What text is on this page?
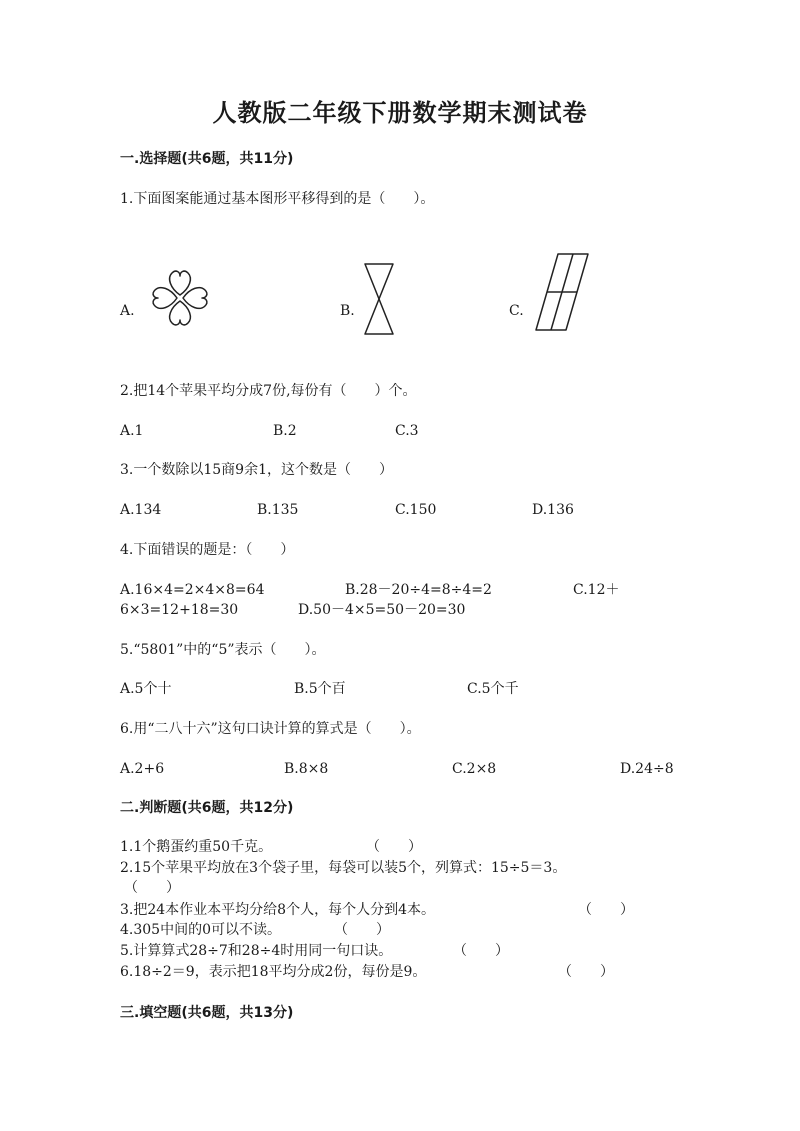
人教版二年级下册数学期末测试卷
一.选择题(共6题，共11分)
1.下面图案能通过基本图形平移得到的是（　　）。
A.	B.	C.
2.把14个苹果平均分成7份,每份有（　　）个。
A.1	B.2	C.3
3.一个数除以15商9余1，这个数是（　　）
A.134	B.135	C.150	D.136
4.下面错误的题是：（　　）
A.16×4=2×4×8=64	B.28－20÷4=8÷4=2	C.12＋
6×3=12+18=30	D.50－4×5=50－20=30
5.“5801”中的“5”表示（　　）。
A.5个十	B.5个百	C.5个千
6.用“二八十六”这句口诀计算的算式是（　　）。
A.2+6	B.8×8	C.2×8	D.24÷8
二.判断题(共6题，共12分)
1.1个鹅蛋约重50千克。	（　　）
2.15个苹果平均放在3个袋子里，每袋可以装5个，列算式：15÷5＝3。
（　　）
3.把24本作业本平均分给8个人，每个人分到4本。	（　　）
4.305中间的0可以不读。	（　　）
5.计算算式28÷7和28÷4时用同一句口诀。	（　　）
6.18÷2＝9，表示把18平均分成2份，每份是9。	（　　）
三.填空题(共6题，共13分)
